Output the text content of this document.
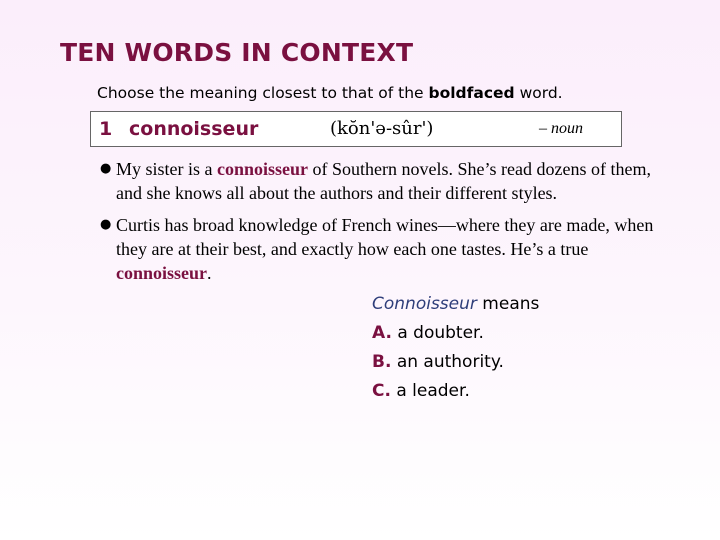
TEN WORDS IN CONTEXT
Choose the meaning closest to that of the boldfaced word.
1 connoisseur	(kŏn'ə-sûr')	– noun
● My sister is a connoisseur of Southern novels. She’s read dozens of them, and she knows all about the authors and their different styles.
● Curtis has broad knowledge of French wines—where they are made, when they are at their best, and exactly how each one tastes. He’s a true connoisseur.
Connoisseur means
A. a doubter.
B. an authority.
C. a leader.
